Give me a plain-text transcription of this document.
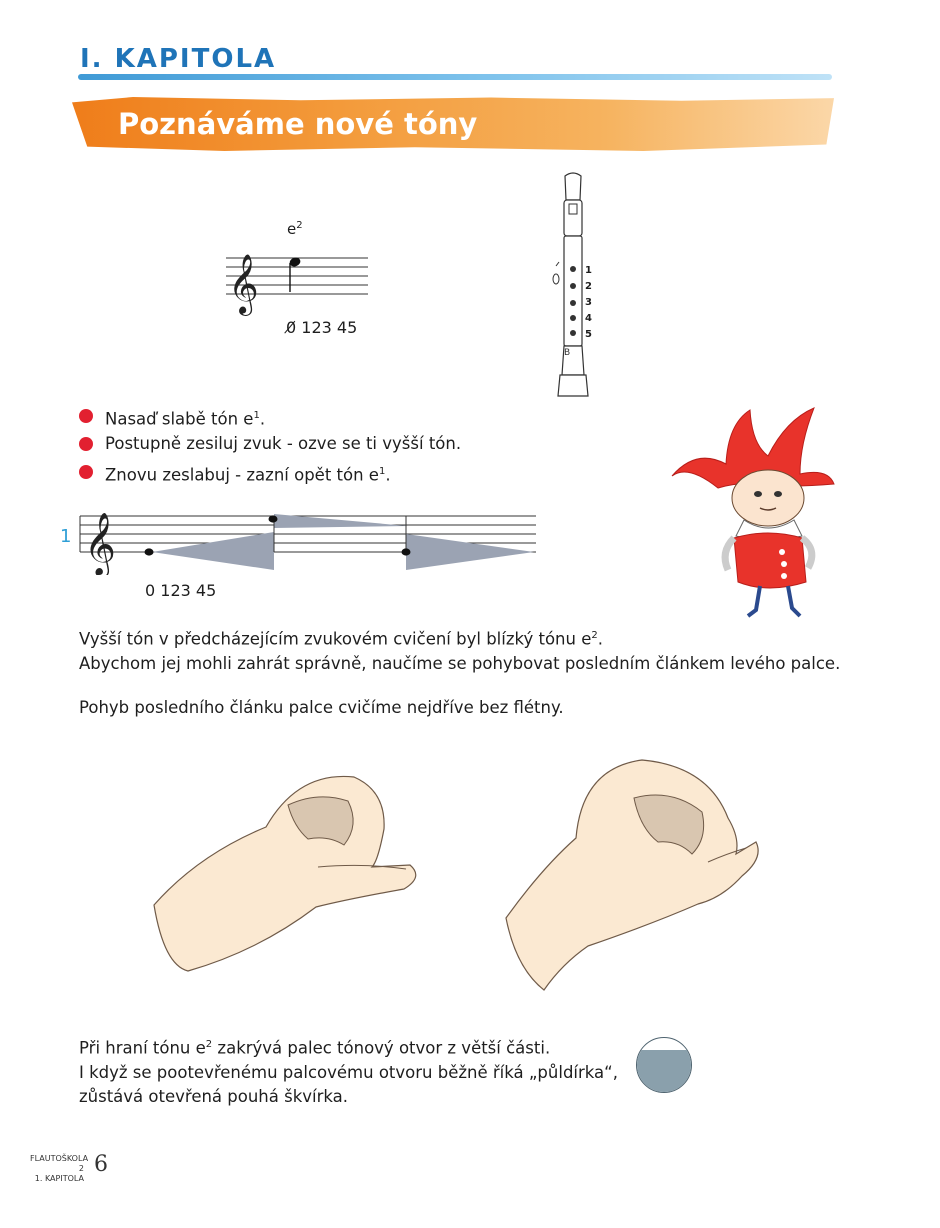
I. KAPITOLA
Poznáváme nové tóny
$e^2$
𝄞
0̸ 123 45
B
1
2
3
4
5
Nasaď slabě tón $e^1$.
Postupně zesiluj zvuk - ozve se ti vyšší tón.
Znovu zeslabuj - zazní opět tón $e^1$.
1 𝄞
0 123 45

Vyšší tón v předcházejícím zvukovém cvičení byl blízký tónu $e^2$.
Abychom jej mohli zahrát správně, naučíme se pohybovat posledním článkem levého palce.

Pohyb posledního článku palce cvičíme nejdříve bez flétny.

Při hraní tónu $e^2$ zakrývá palec tónový otvor z větší části.
I když se pootevřenému palcovému otvoru běžně říká „půldírka“,
zůstává otevřená pouhá škvírka.

FLAUTOŠKOLA 2
1. KAPITOLA
6
